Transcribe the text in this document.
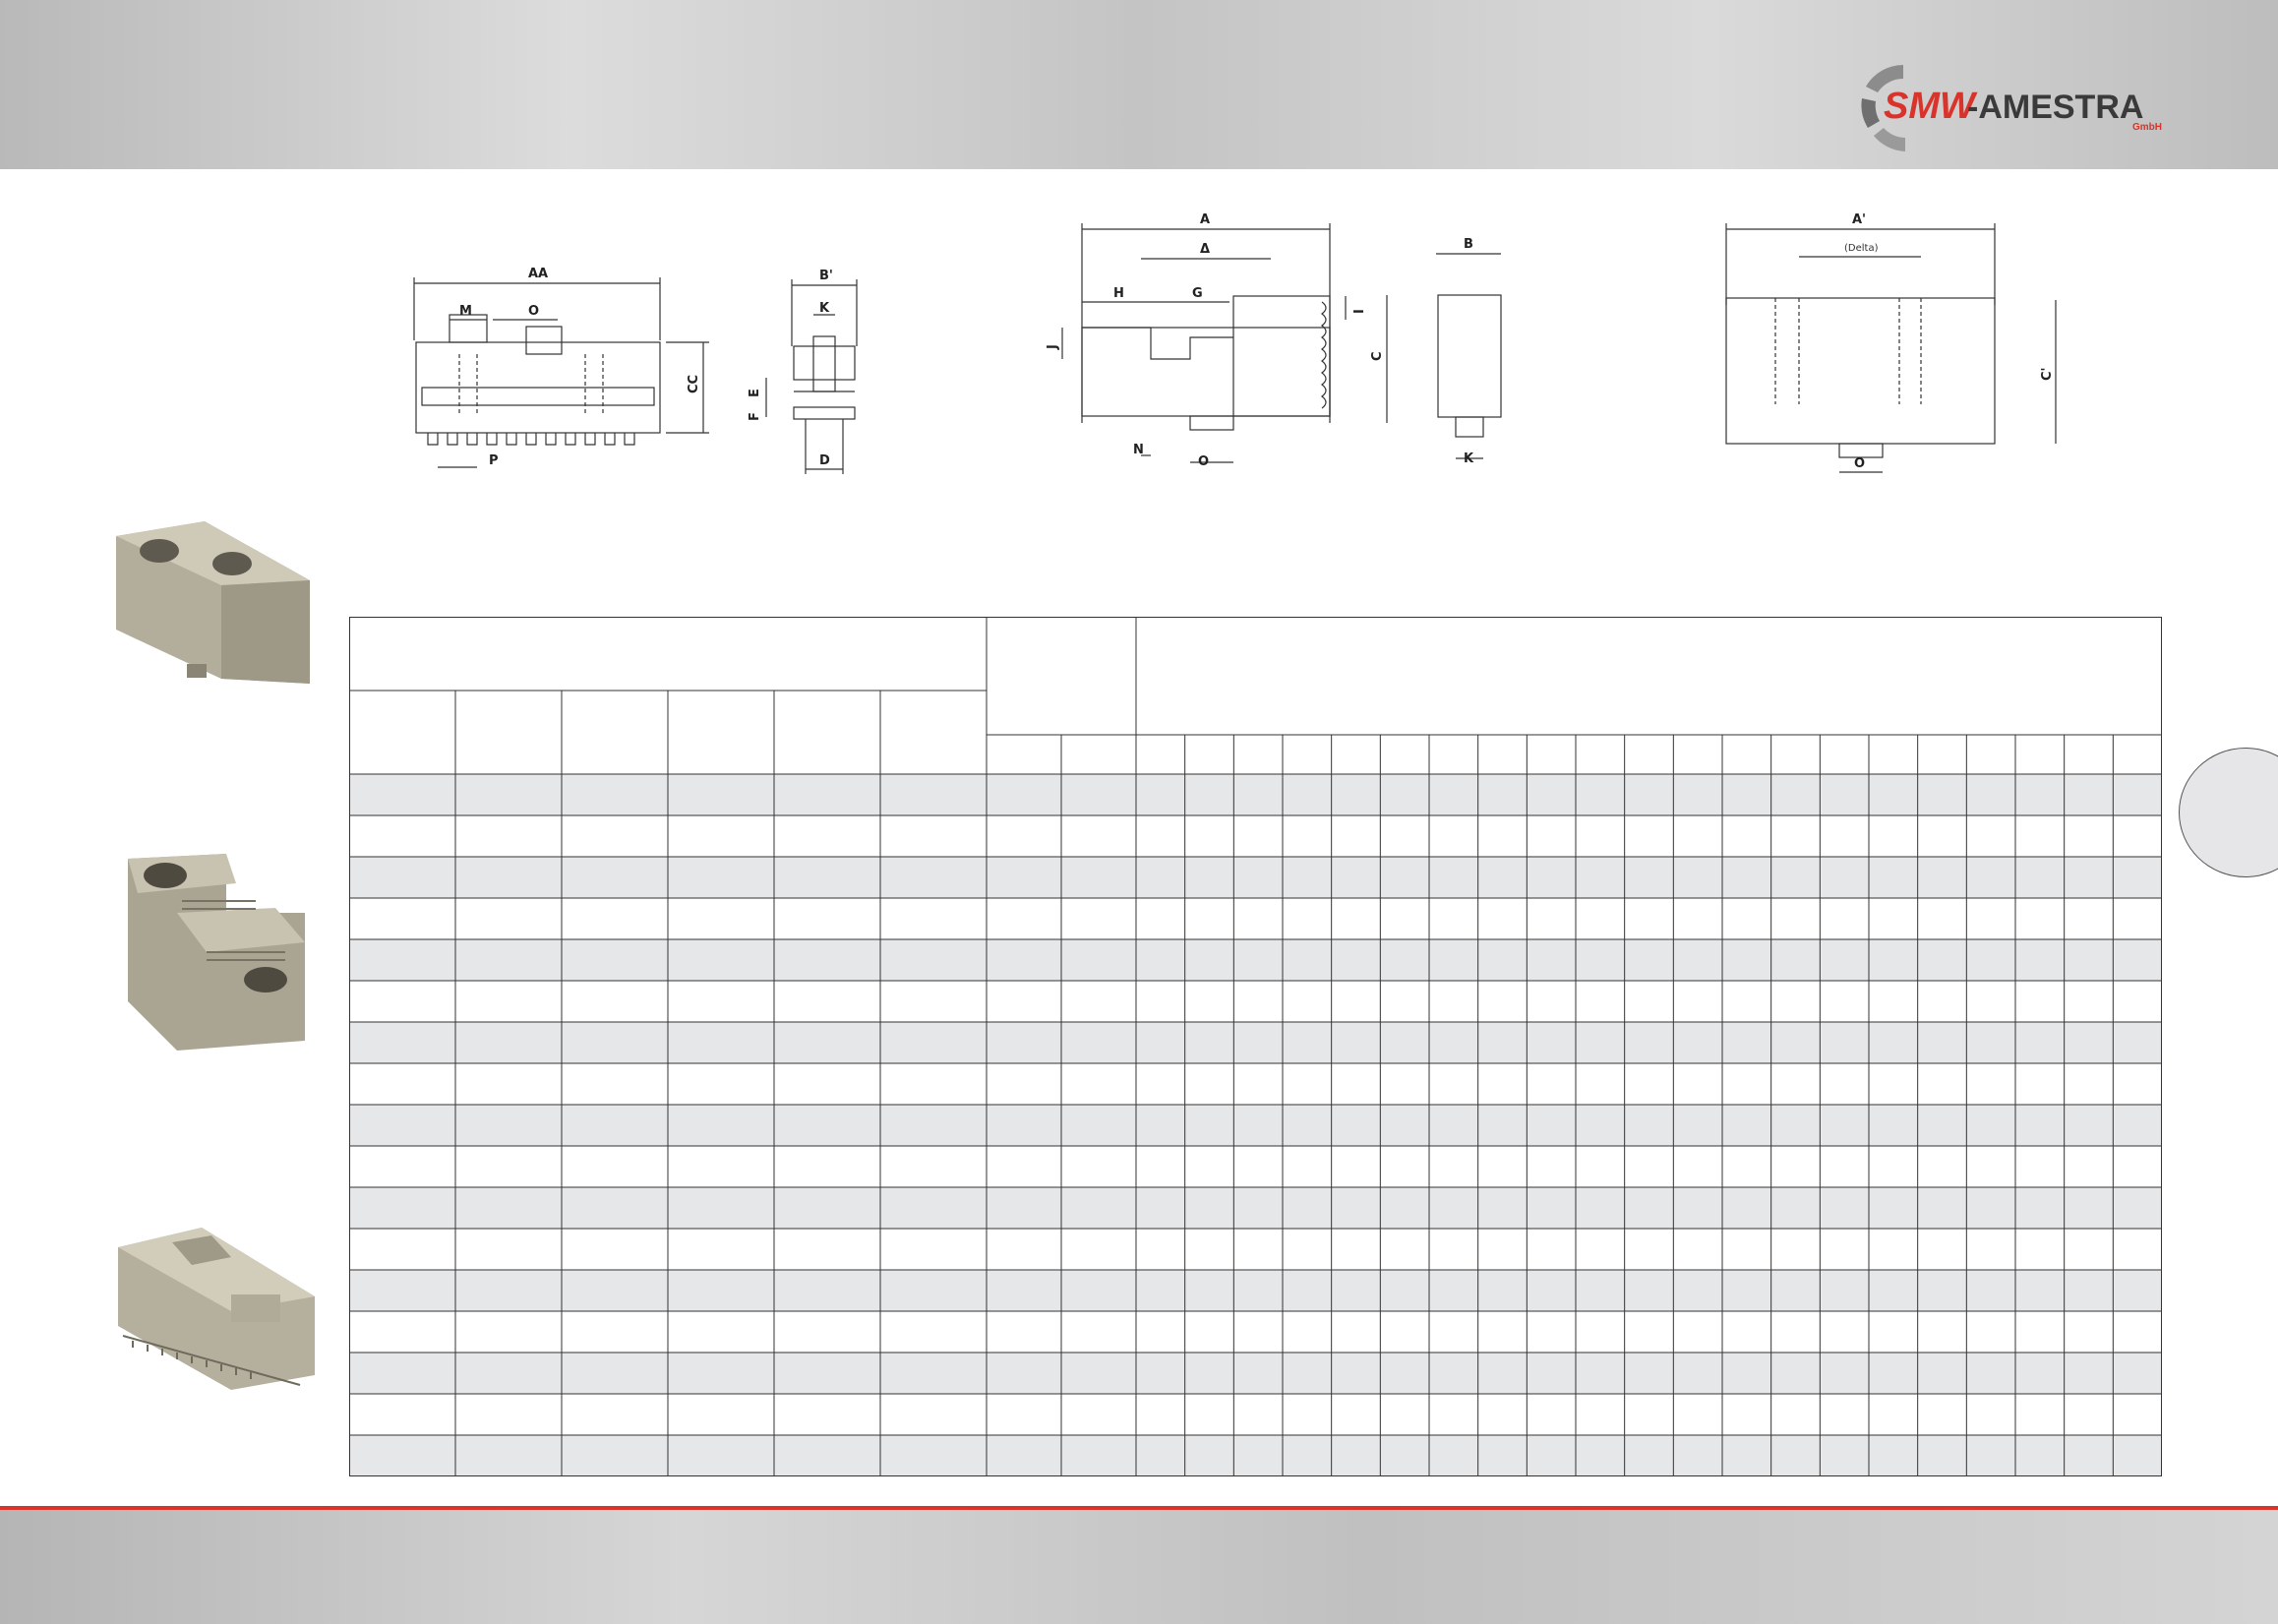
SMW
-AMESTRA
GmbH
AA
M	O
CC
P
B'
K
E
F
D
A
Δ
H	G
I
J
C
N
O
B
K
A'
(Delta)
C'
O
